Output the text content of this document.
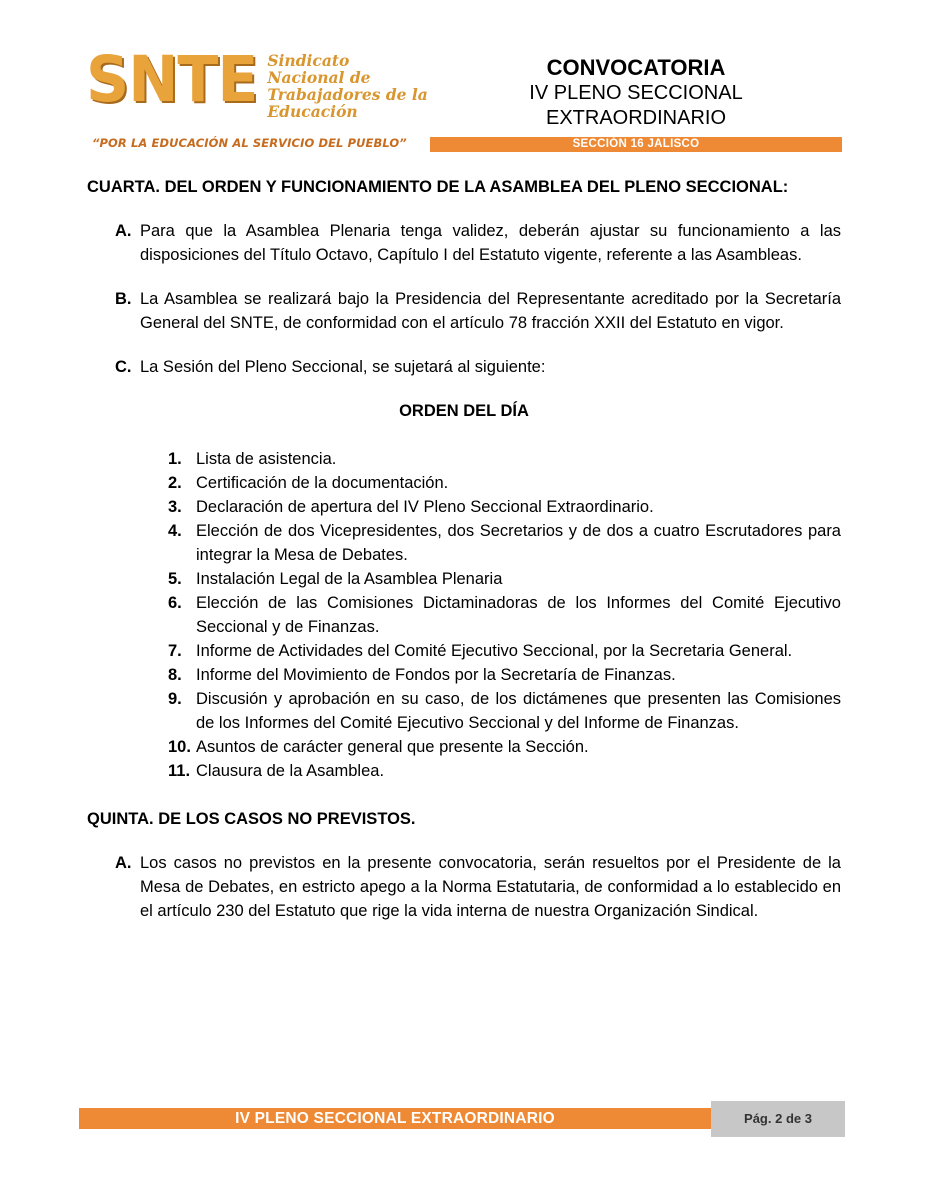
SNTE Sindicato
Nacional de
Trabajadores de la
Educación
“POR LA EDUCACIÓN AL SERVICIO DEL PUEBLO”
CONVOCATORIA
IV PLENO SECCIONAL
EXTRAORDINARIO
SECCIÓN 16 JALISCO
CUARTA. DEL ORDEN Y FUNCIONAMIENTO DE LA ASAMBLEA DEL PLENO SECCIONAL:
A. Para que la Asamblea Plenaria tenga validez, deberán ajustar su funcionamiento a las disposiciones del Título Octavo, Capítulo I del Estatuto vigente, referente a las Asambleas.
B. La Asamblea se realizará bajo la Presidencia del Representante acreditado por la Secretaría General del SNTE, de conformidad con el artículo 78 fracción XXII del Estatuto en vigor.
C. La Sesión del Pleno Seccional, se sujetará al siguiente:
ORDEN DEL DÍA
1. Lista de asistencia.
2. Certificación de la documentación.
3. Declaración de apertura del IV Pleno Seccional Extraordinario.
4. Elección de dos Vicepresidentes, dos Secretarios y de dos a cuatro Escrutadores para integrar la Mesa de Debates.
5. Instalación Legal de la Asamblea Plenaria
6. Elección de las Comisiones Dictaminadoras de los Informes del Comité Ejecutivo Seccional y de Finanzas.
7. Informe de Actividades del Comité Ejecutivo Seccional, por la Secretaria General.
8. Informe del Movimiento de Fondos por la Secretaría de Finanzas.
9. Discusión y aprobación en su caso, de los dictámenes que presenten las Comisiones de los Informes del Comité Ejecutivo Seccional y del Informe de Finanzas.
10. Asuntos de carácter general que presente la Sección.
11. Clausura de la Asamblea.
QUINTA. DE LOS CASOS NO PREVISTOS.
A. Los casos no previstos en la presente convocatoria, serán resueltos por el Presidente de la Mesa de Debates, en estricto apego a la Norma Estatutaria, de conformidad a lo establecido en el artículo 230 del Estatuto que rige la vida interna de nuestra Organización Sindical.
IV PLENO SECCIONAL EXTRAORDINARIO	Pág. 2 de 3
